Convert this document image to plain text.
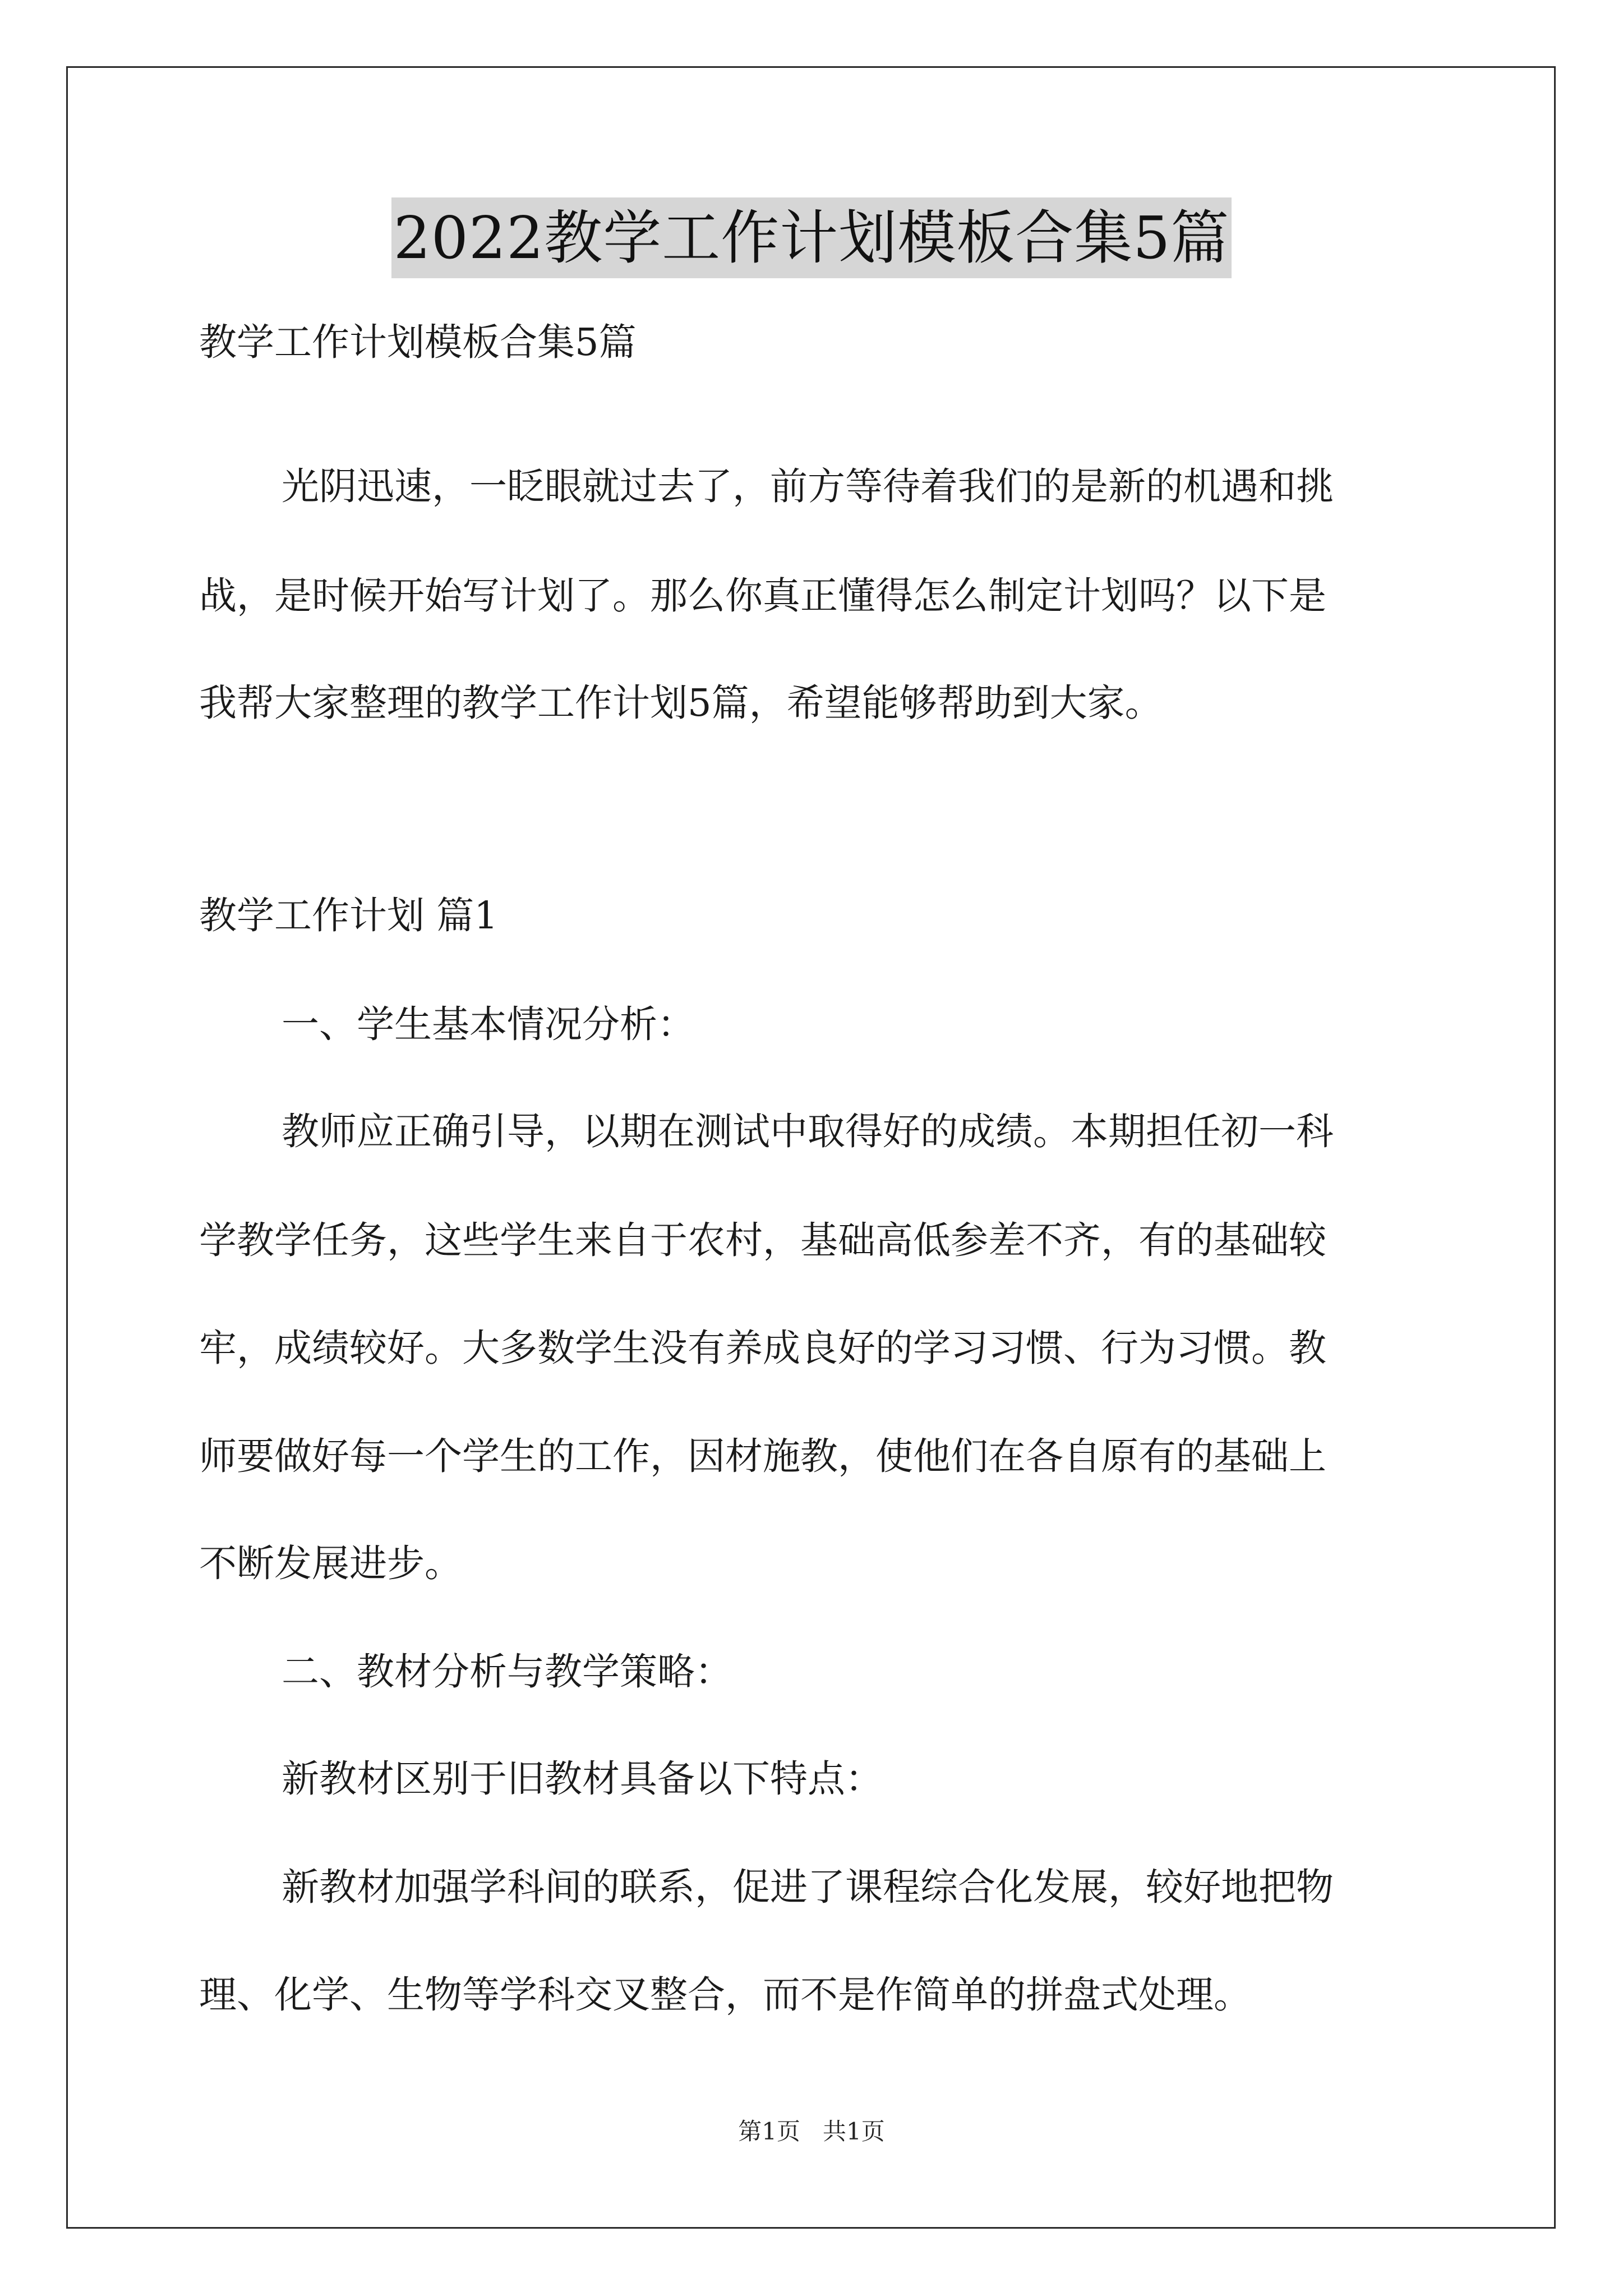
2022教学工作计划模板合集5篇
教学工作计划模板合集5篇
光阴迅速，一眨眼就过去了，前方等待着我们的是新的机遇和挑
战，是时候开始写计划了。那么你真正懂得怎么制定计划吗？以下是
我帮大家整理的教学工作计划5篇，希望能够帮助到大家。
教学工作计划 篇1
一、学生基本情况分析：
教师应正确引导，以期在测试中取得好的成绩。本期担任初一科
学教学任务，这些学生来自于农村，基础高低参差不齐，有的基础较
牢，成绩较好。大多数学生没有养成良好的学习习惯、行为习惯。教
师要做好每一个学生的工作，因材施教，使他们在各自原有的基础上
不断发展进步。
二、教材分析与教学策略：
新教材区别于旧教材具备以下特点：
新教材加强学科间的联系，促进了课程综合化发展，较好地把物
理、化学、生物等学科交叉整合，而不是作简单的拼盘式处理。
第1页   共1页
